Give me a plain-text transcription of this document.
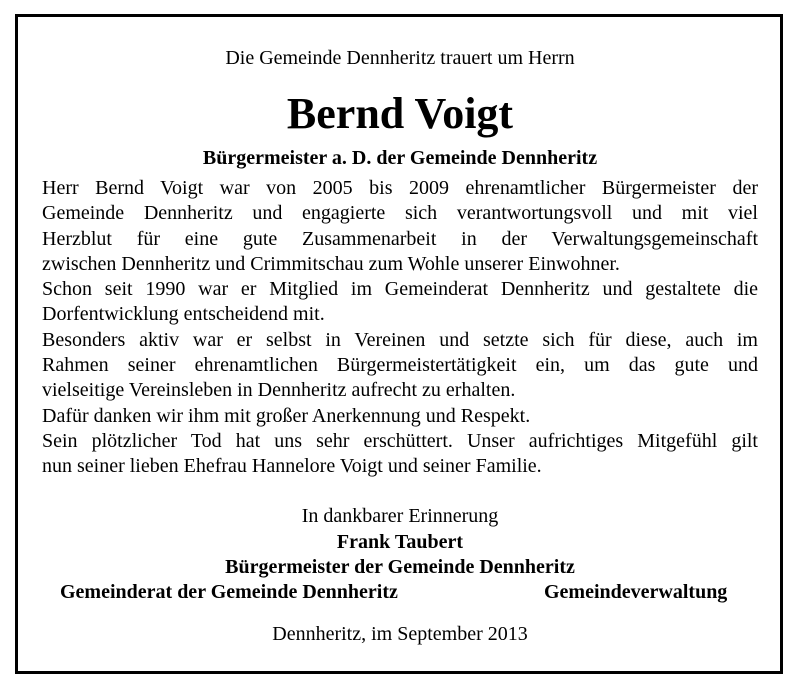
Die Gemeinde Dennheritz trauert um Herrn
Bernd Voigt
Bürgermeister a. D. der Gemeinde Dennheritz
Herr Bernd Voigt war von 2005 bis 2009 ehrenamtlicher Bürgermeister der
Gemeinde Dennheritz und engagierte sich verantwortungsvoll und mit viel
Herzblut für eine gute Zusammenarbeit in der Verwaltungsgemeinschaft
zwischen Dennheritz und Crimmitschau zum Wohle unserer Einwohner.
Schon seit 1990 war er Mitglied im Gemeinderat Dennheritz und gestaltete die
Dorfentwicklung entscheidend mit.
Besonders aktiv war er selbst in Vereinen und setzte sich für diese, auch im
Rahmen seiner ehrenamtlichen Bürgermeistertätigkeit ein, um das gute und
vielseitige Vereinsleben in Dennheritz aufrecht zu erhalten.
Dafür danken wir ihm mit großer Anerkennung und Respekt.
Sein plötzlicher Tod hat uns sehr erschüttert. Unser aufrichtiges Mitgefühl gilt
nun seiner lieben Ehefrau Hannelore Voigt und seiner Familie.
In dankbarer Erinnerung
Frank Taubert
Bürgermeister der Gemeinde Dennheritz
Gemeinderat der Gemeinde Dennheritz	Gemeindeverwaltung
Dennheritz, im September 2013
